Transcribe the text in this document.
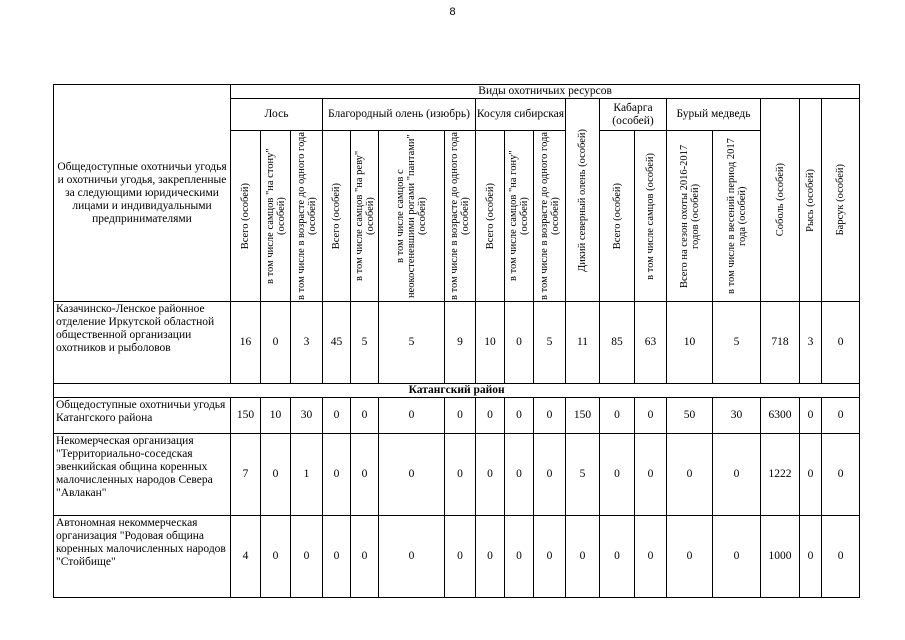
8
Общедоступные охотничьи угодья и охотничьи угодья, закрепленные за следующими юридическими лицами и индивидуальными предпринимателями	Виды охотничьих ресурсов																	
	Лось			Благородный олень (изюбрь)				Косуля сибирская			Дикий северный олень (особей)	Кабарга (особей)		Бурый медведь		Соболь (особей)	Рысь (особей)	Барсук (особей)

	Всего (особей)	в том числе самцов "на стону" (особей)	в том числе в возрасте до одного года (особей)	Всего (особей)	в том числе самцов "на реву" (особей)	в том числе самцов с неокостеневшими рогами "пантами" (особей)	в том числе в возрасте до одного года (особей)	Всего (особей)	в том числе самцов "на гону" (особей)	в том числе в возрасте до одного года (особей)		Всего (особей)	в том числе самцов (особей)	Всего на сезон охоты 2016-2017 годов (особей)	в том числе в весений период 2017 года (особей)			

Казачинско-Ленское районное отделение Иркутской областной общественной организации охотников и рыболовов	16	0	3	45	5	5	9	10	0	5	11	85	63	10	5	718	3	0
Катангский район																		
Общедоступные охотничьи угодья Катангского района	150	10	30	0	0	0	0	0	0	0	150	0	0	50	30	6300	0	0
Некомерческая организация "Территориально-соседская эвенкийская община коренных малочисленных народов Севера "Авлакан"	7	0	1	0	0	0	0	0	0	0	5	0	0	0	0	1222	0	0
Автономная некоммерческая организация "Родовая община коренных малочисленных народов "Стойбище"	4	0	0	0	0	0	0	0	0	0	0	0	0	0	0	1000	0	0
